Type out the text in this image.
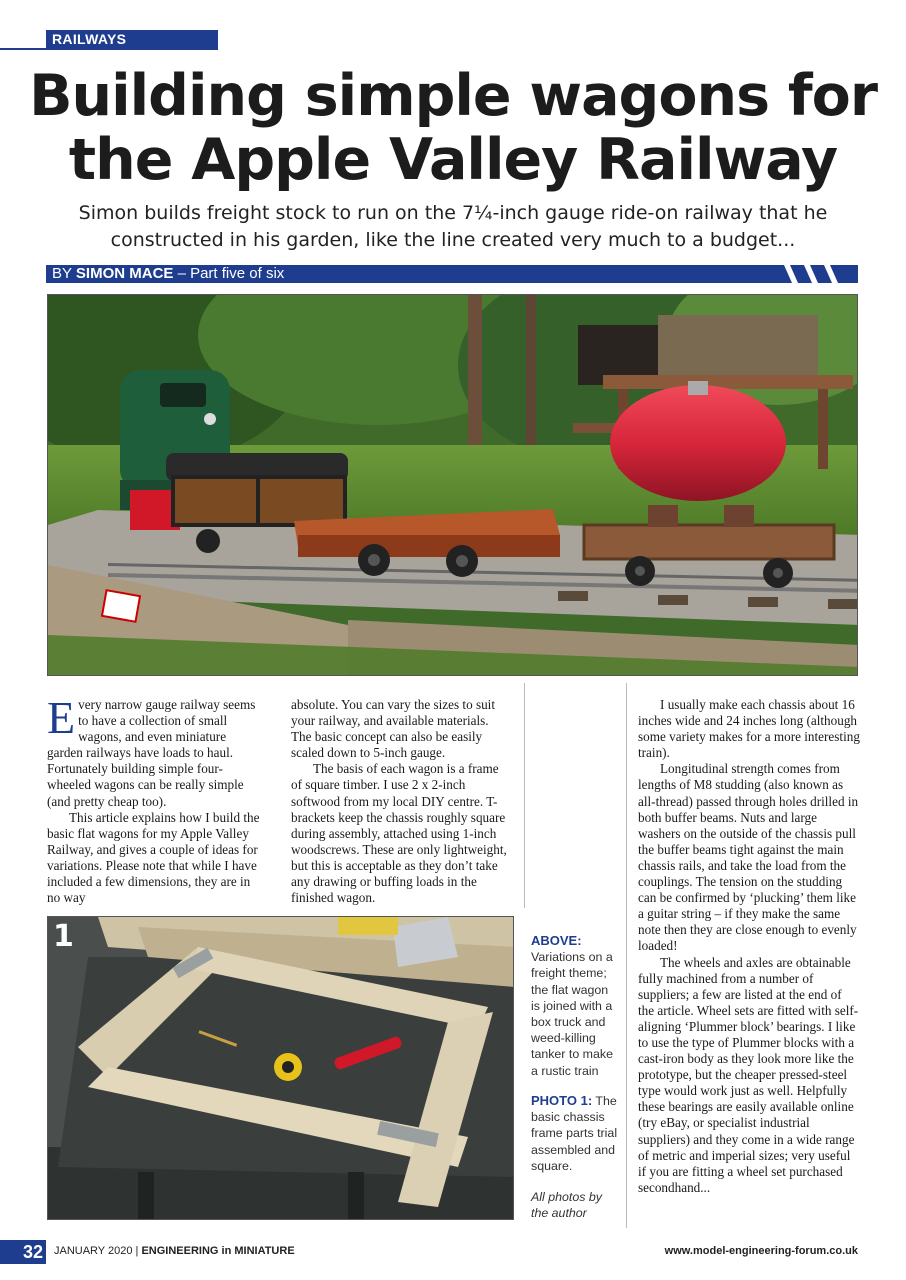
RAILWAYS
Building simple wagons for
the Apple Valley Railway
Simon builds freight stock to run on the 7¼-inch gauge ride-on railway that he
constructed in his garden, like the line created very much to a budget...
BY SIMON MACE – Part five of six

Every narrow gauge railway seems to have a collection of small wagons, and even miniature garden railways have loads to haul. Fortunately building simple four-wheeled wagons can be really simple (and pretty cheap too).

This article explains how I build the basic flat wagons for my Apple Valley Railway, and gives a couple of ideas for variations. Please note that while I have included a few dimensions, they are in no way

absolute. You can vary the sizes to suit your railway, and available materials. The basic concept can also be easily scaled down to 5-inch gauge.

The basis of each wagon is a frame of square timber. I use 2 x 2-inch softwood from my local DIY centre. T-brackets keep the chassis roughly square during assembly, attached using 1-inch woodscrews. These are only lightweight, but this is acceptable as they don’t take any drawing or buffing loads in the finished wagon.

I usually make each chassis about 16 inches wide and 24 inches long (although some variety makes for a more interesting train).

Longitudinal strength comes from lengths of M8 studding (also known as all-thread) passed through holes drilled in both buffer beams. Nuts and large washers on the outside of the chassis pull the buffer beams tight against the main chassis rails, and take the load from the couplings. The tension on the studding can be confirmed by ‘plucking’ them like a guitar string – if they make the same note then they are close enough to evenly loaded!

The wheels and axles are obtainable fully machined from a number of suppliers; a few are listed at the end of the article. Wheel sets are fitted with self-aligning ‘Plummer block’ bearings. I like to use the type of Plummer blocks with a cast-iron body as they look more like the prototype, but the cheaper pressed-steel type would work just as well. Helpfully these bearings are easily available online (try eBay, or specialist industrial suppliers) and they come in a wide range of metric and imperial sizes; very useful if you are fitting a wheel set purchased secondhand...

1	ABOVE:
Variations on a freight theme; the flat wagon is joined with a box truck and weed-killing tanker to make a rustic train
PHOTO 1: The basic chassis frame parts trial assembled and square.
All photos by the author
32 JANUARY 2020 | ENGINEERING in MINIATURE	www.model-engineering-forum.co.uk
